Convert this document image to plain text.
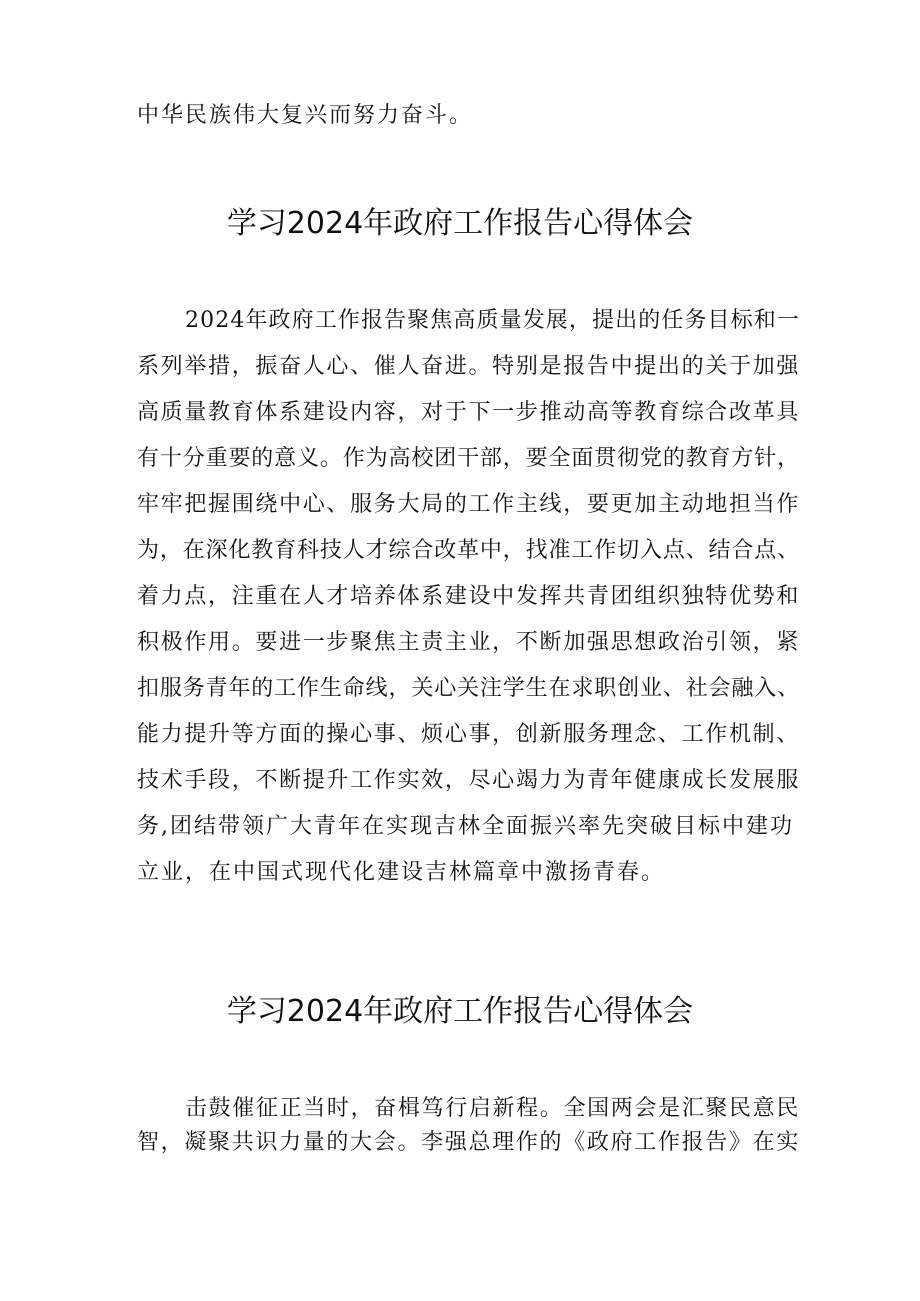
中华民族伟大复兴而努力奋斗。

学习2024年政府工作报告心得体会

2024年政府工作报告聚焦高质量发展，提出的任务目标和一

系列举措，振奋人心、催人奋进。特别是报告中提出的关于加强

高质量教育体系建设内容，对于下一步推动高等教育综合改革具

有十分重要的意义。作为高校团干部，要全面贯彻党的教育方针，

牢牢把握围绕中心、服务大局的工作主线，要更加主动地担当作

为，在深化教育科技人才综合改革中，找准工作切入点、结合点、

着力点，注重在人才培养体系建设中发挥共青团组织独特优势和

积极作用。要进一步聚焦主责主业，不断加强思想政治引领，紧

扣服务青年的工作生命线，关心关注学生在求职创业、社会融入、

能力提升等方面的操心事、烦心事，创新服务理念、工作机制、

技术手段，不断提升工作实效，尽心竭力为青年健康成长发展服

务,团结带领广大青年在实现吉林全面振兴率先突破目标中建功

立业，在中国式现代化建设吉林篇章中激扬青春。

学习2024年政府工作报告心得体会

击鼓催征正当时，奋楫笃行启新程。全国两会是汇聚民意民

智，凝聚共识力量的大会。李强总理作的《政府工作报告》在实
